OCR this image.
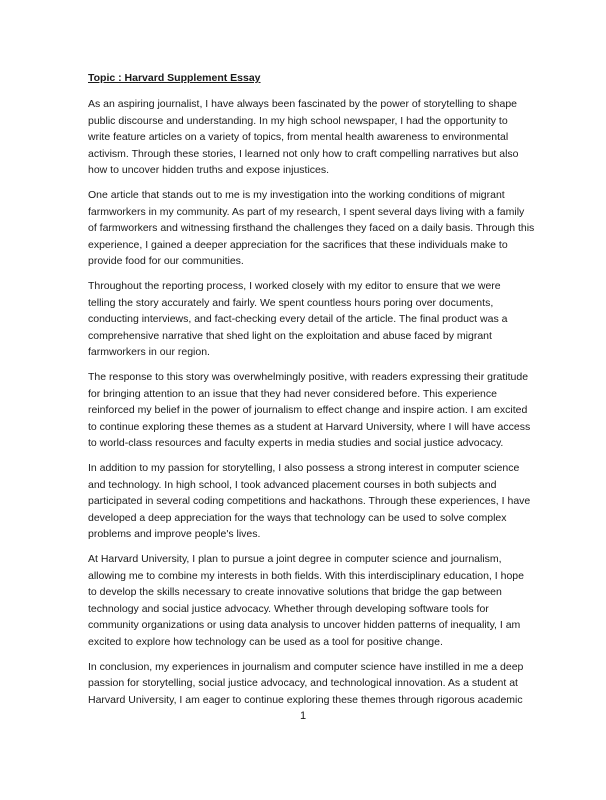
Topic : Harvard Supplement Essay

As an aspiring journalist, I have always been fascinated by the power of storytelling to shape
public discourse and understanding. In my high school newspaper, I had the opportunity to
write feature articles on a variety of topics, from mental health awareness to environmental
activism. Through these stories, I learned not only how to craft compelling narratives but also
how to uncover hidden truths and expose injustices.

One article that stands out to me is my investigation into the working conditions of migrant
farmworkers in my community. As part of my research, I spent several days living with a family
of farmworkers and witnessing firsthand the challenges they faced on a daily basis. Through this
experience, I gained a deeper appreciation for the sacrifices that these individuals make to
provide food for our communities.

Throughout the reporting process, I worked closely with my editor to ensure that we were
telling the story accurately and fairly. We spent countless hours poring over documents,
conducting interviews, and fact-checking every detail of the article. The final product was a
comprehensive narrative that shed light on the exploitation and abuse faced by migrant
farmworkers in our region.

The response to this story was overwhelmingly positive, with readers expressing their gratitude
for bringing attention to an issue that they had never considered before. This experience
reinforced my belief in the power of journalism to effect change and inspire action. I am excited
to continue exploring these themes as a student at Harvard University, where I will have access
to world-class resources and faculty experts in media studies and social justice advocacy.

In addition to my passion for storytelling, I also possess a strong interest in computer science
and technology. In high school, I took advanced placement courses in both subjects and
participated in several coding competitions and hackathons. Through these experiences, I have
developed a deep appreciation for the ways that technology can be used to solve complex
problems and improve people's lives.

At Harvard University, I plan to pursue a joint degree in computer science and journalism,
allowing me to combine my interests in both fields. With this interdisciplinary education, I hope
to develop the skills necessary to create innovative solutions that bridge the gap between
technology and social justice advocacy. Whether through developing software tools for
community organizations or using data analysis to uncover hidden patterns of inequality, I am
excited to explore how technology can be used as a tool for positive change.

In conclusion, my experiences in journalism and computer science have instilled in me a deep
passion for storytelling, social justice advocacy, and technological innovation. As a student at
Harvard University, I am eager to continue exploring these themes through rigorous academic

1
